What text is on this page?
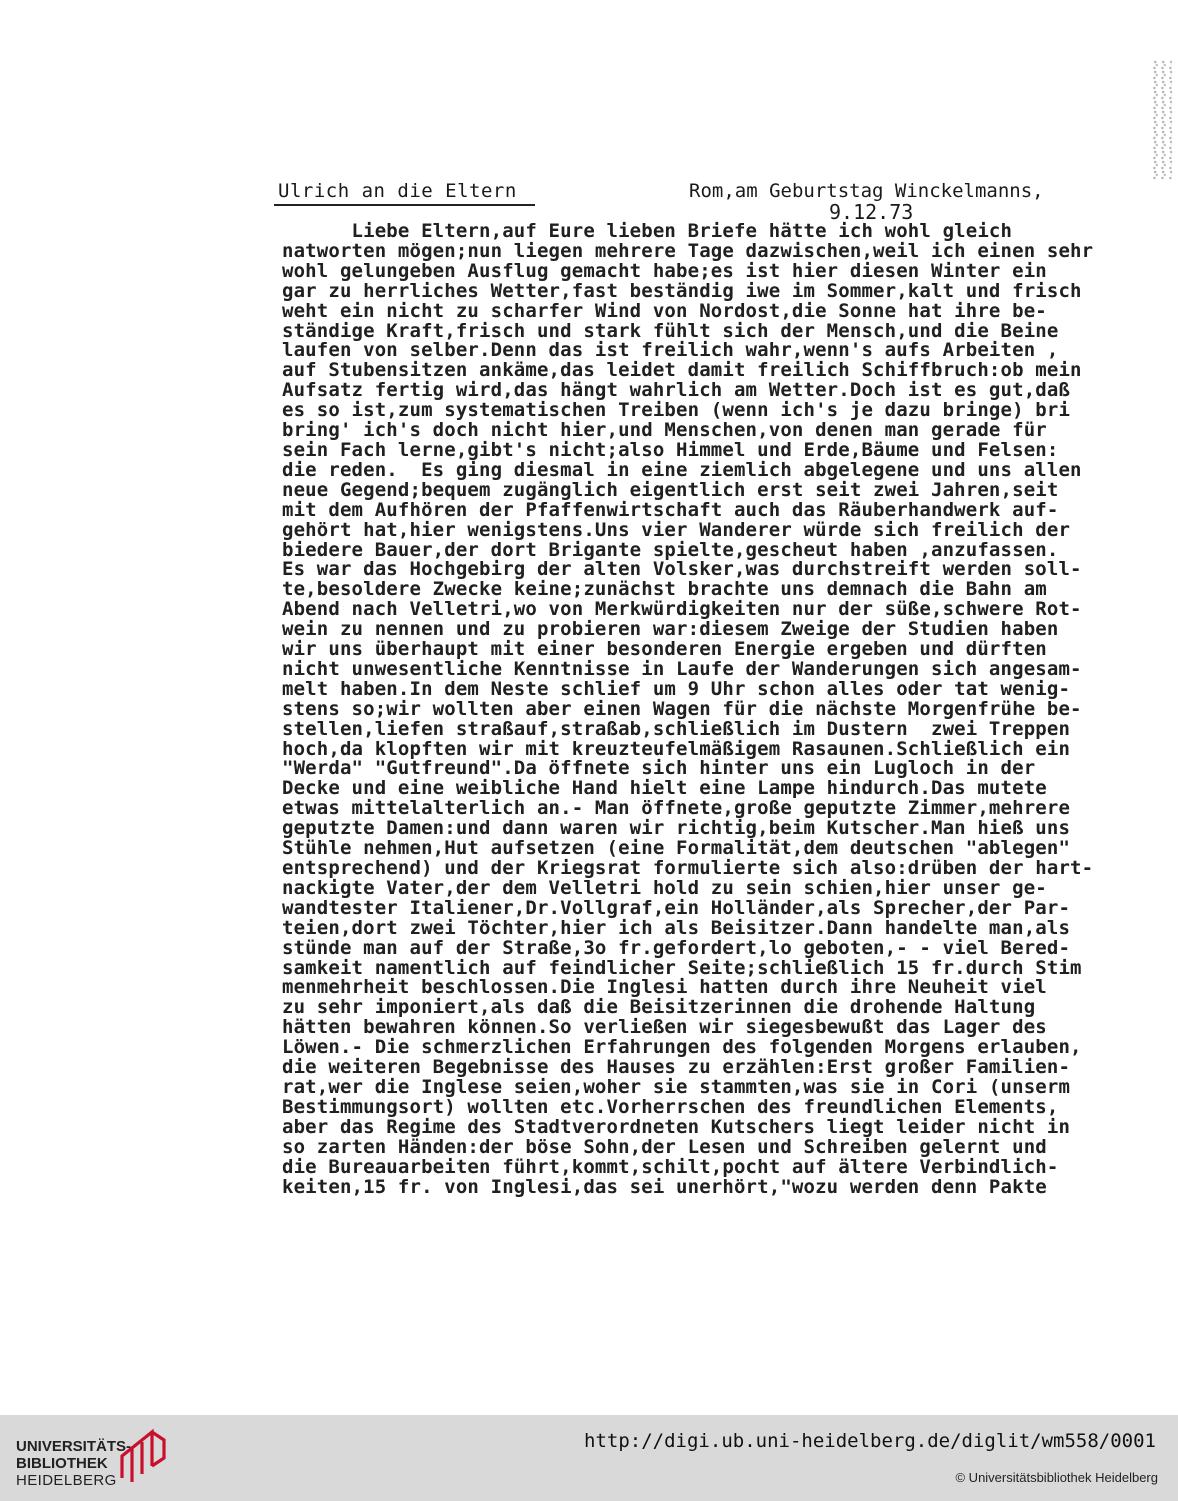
Ulrich an die Eltern	Rom,am Geburtstag Winckelmanns,
9.12.73
Liebe Eltern,auf Eure lieben Briefe hätte ich wohl gleich
natworten mögen;nun liegen mehrere Tage dazwischen,weil ich einen sehr
wohl gelungeben Ausflug gemacht habe;es ist hier diesen Winter ein
gar zu herrliches Wetter,fast beständig iwe im Sommer,kalt und frisch
weht ein nicht zu scharfer Wind von Nordost,die Sonne hat ihre be-
ständige Kraft,frisch und stark fühlt sich der Mensch,und die Beine
laufen von selber.Denn das ist freilich wahr,wenn's aufs Arbeiten ,
auf Stubensitzen ankäme,das leidet damit freilich Schiffbruch:ob mein
Aufsatz fertig wird,das hängt wahrlich am Wetter.Doch ist es gut,daß
es so ist,zum systematischen Treiben (wenn ich's je dazu bringe) bri
bring' ich's doch nicht hier,und Menschen,von denen man gerade für
sein Fach lerne,gibt's nicht;also Himmel und Erde,Bäume und Felsen:
die reden.  Es ging diesmal in eine ziemlich abgelegene und uns allen
neue Gegend;bequem zugänglich eigentlich erst seit zwei Jahren,seit
mit dem Aufhören der Pfaffenwirtschaft auch das Räuberhandwerk auf-
gehört hat,hier wenigstens.Uns vier Wanderer würde sich freilich der
biedere Bauer,der dort Brigante spielte,gescheut haben ,anzufassen.
Es war das Hochgebirg der alten Volsker,was durchstreift werden soll-
te,besoldere Zwecke keine;zunächst brachte uns demnach die Bahn am
Abend nach Velletri,wo von Merkwürdigkeiten nur der süße,schwere Rot-
wein zu nennen und zu probieren war:diesem Zweige der Studien haben
wir uns überhaupt mit einer besonderen Energie ergeben und dürften
nicht unwesentliche Kenntnisse in Laufe der Wanderungen sich angesam-
melt haben.In dem Neste schlief um 9 Uhr schon alles oder tat wenig-
stens so;wir wollten aber einen Wagen für die nächste Morgenfrühe be-
stellen,liefen straßauf,straßab,schließlich im Dustern  zwei Treppen
hoch,da klopften wir mit kreuzteufelmäßigem Rasaunen.Schließlich ein
"Werda" "Gutfreund".Da öffnete sich hinter uns ein Lugloch in der
Decke und eine weibliche Hand hielt eine Lampe hindurch.Das mutete
etwas mittelalterlich an.- Man öffnete,große geputzte Zimmer,mehrere
geputzte Damen:und dann waren wir richtig,beim Kutscher.Man hieß uns
Stühle nehmen,Hut aufsetzen (eine Formalität,dem deutschen "ablegen"
entsprechend) und der Kriegsrat formulierte sich also:drüben der hart-
nackigte Vater,der dem Velletri hold zu sein schien,hier unser ge-
wandtester Italiener,Dr.Vollgraf,ein Holländer,als Sprecher,der Par-
teien,dort zwei Töchter,hier ich als Beisitzer.Dann handelte man,als
stünde man auf der Straße,3o fr.gefordert,lo geboten,- - viel Bered-
samkeit namentlich auf feindlicher Seite;schließlich 15 fr.durch Stim
menmehrheit beschlossen.Die Inglesi hatten durch ihre Neuheit viel
zu sehr imponiert,als daß die Beisitzerinnen die drohende Haltung
hätten bewahren können.So verließen wir siegesbewußt das Lager des
Löwen.- Die schmerzlichen Erfahrungen des folgenden Morgens erlauben,
die weiteren Begebnisse des Hauses zu erzählen:Erst großer Familien-
rat,wer die Inglese seien,woher sie stammten,was sie in Cori (unserm
Bestimmungsort) wollten etc.Vorherrschen des freundlichen Elements,
aber das Regime des Stadtverordneten Kutschers liegt leider nicht in
so zarten Händen:der böse Sohn,der Lesen und Schreiben gelernt und
die Bureauarbeiten führt,kommt,schilt,pocht auf ältere Verbindlich-
keiten,15 fr. von Inglesi,das sei unerhört,"wozu werden denn Pakte
UNIVERSITÄTS-
BIBLIOTHEK
HEIDELBERG
http://digi.ub.uni-heidelberg.de/diglit/wm558/0001
© Universitätsbibliothek Heidelberg
